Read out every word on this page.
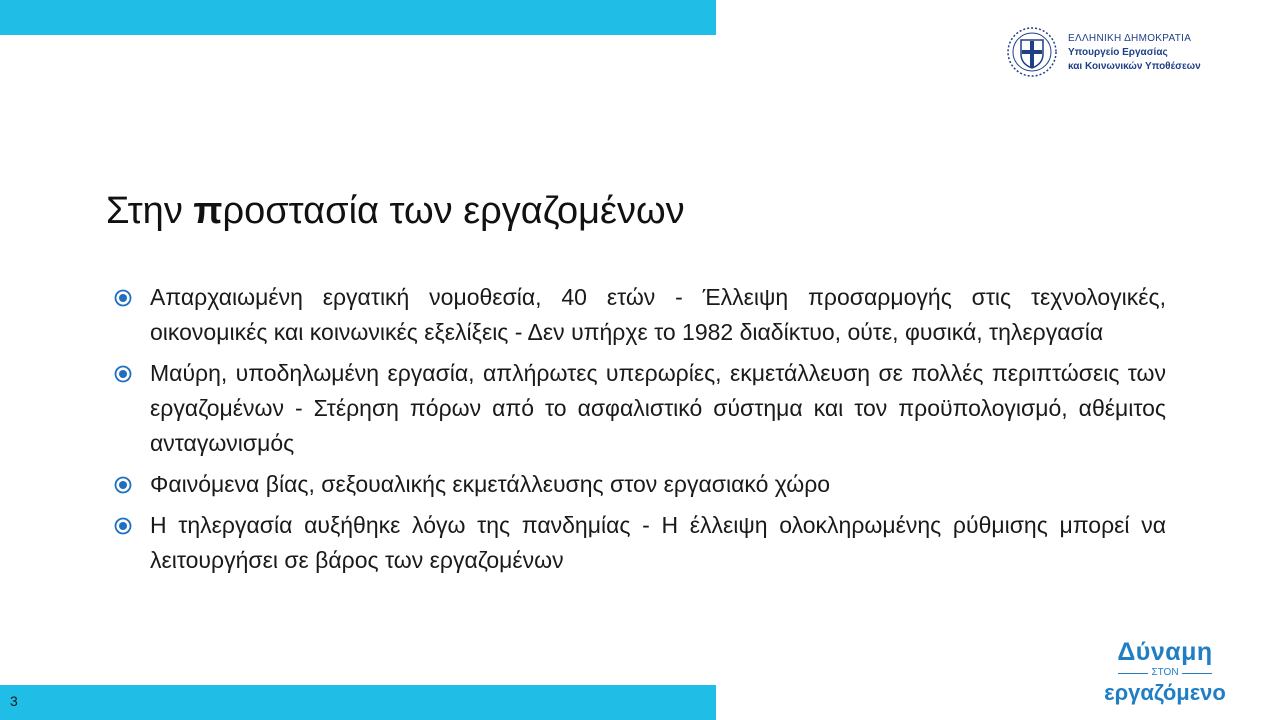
ΕΛΛΗΝΙΚΗ ΔΗΜΟΚΡΑΤΙΑ
Υπουργείο Εργασίας
και Κοινωνικών Υποθέσεων
Στην προστασία των εργαζομένων
Απαρχαιωμένη εργατική νομοθεσία, 40 ετών - Έλλειψη προσαρμογής στις τεχνολογικές, οικονομικές και κοινωνικές εξελίξεις - Δεν υπήρχε το 1982 διαδίκτυο, ούτε, φυσικά, τηλεργασία
Μαύρη, υποδηλωμένη εργασία, απλήρωτες υπερωρίες, εκμετάλλευση σε πολλές περιπτώσεις των εργαζομένων - Στέρηση πόρων από το ασφαλιστικό σύστημα και τον προϋπολογισμό, αθέμιτος ανταγωνισμός
Φαινόμενα βίας, σεξουαλικής εκμετάλλευσης στον εργασιακό χώρο
Η τηλεργασία αυξήθηκε λόγω της πανδημίας - Η έλλειψη ολοκληρωμένης ρύθμισης μπορεί να λειτουργήσει σε βάρος των εργαζομένων
3
Δύναμη
ΣΤΟΝ
εργαζόμενο
